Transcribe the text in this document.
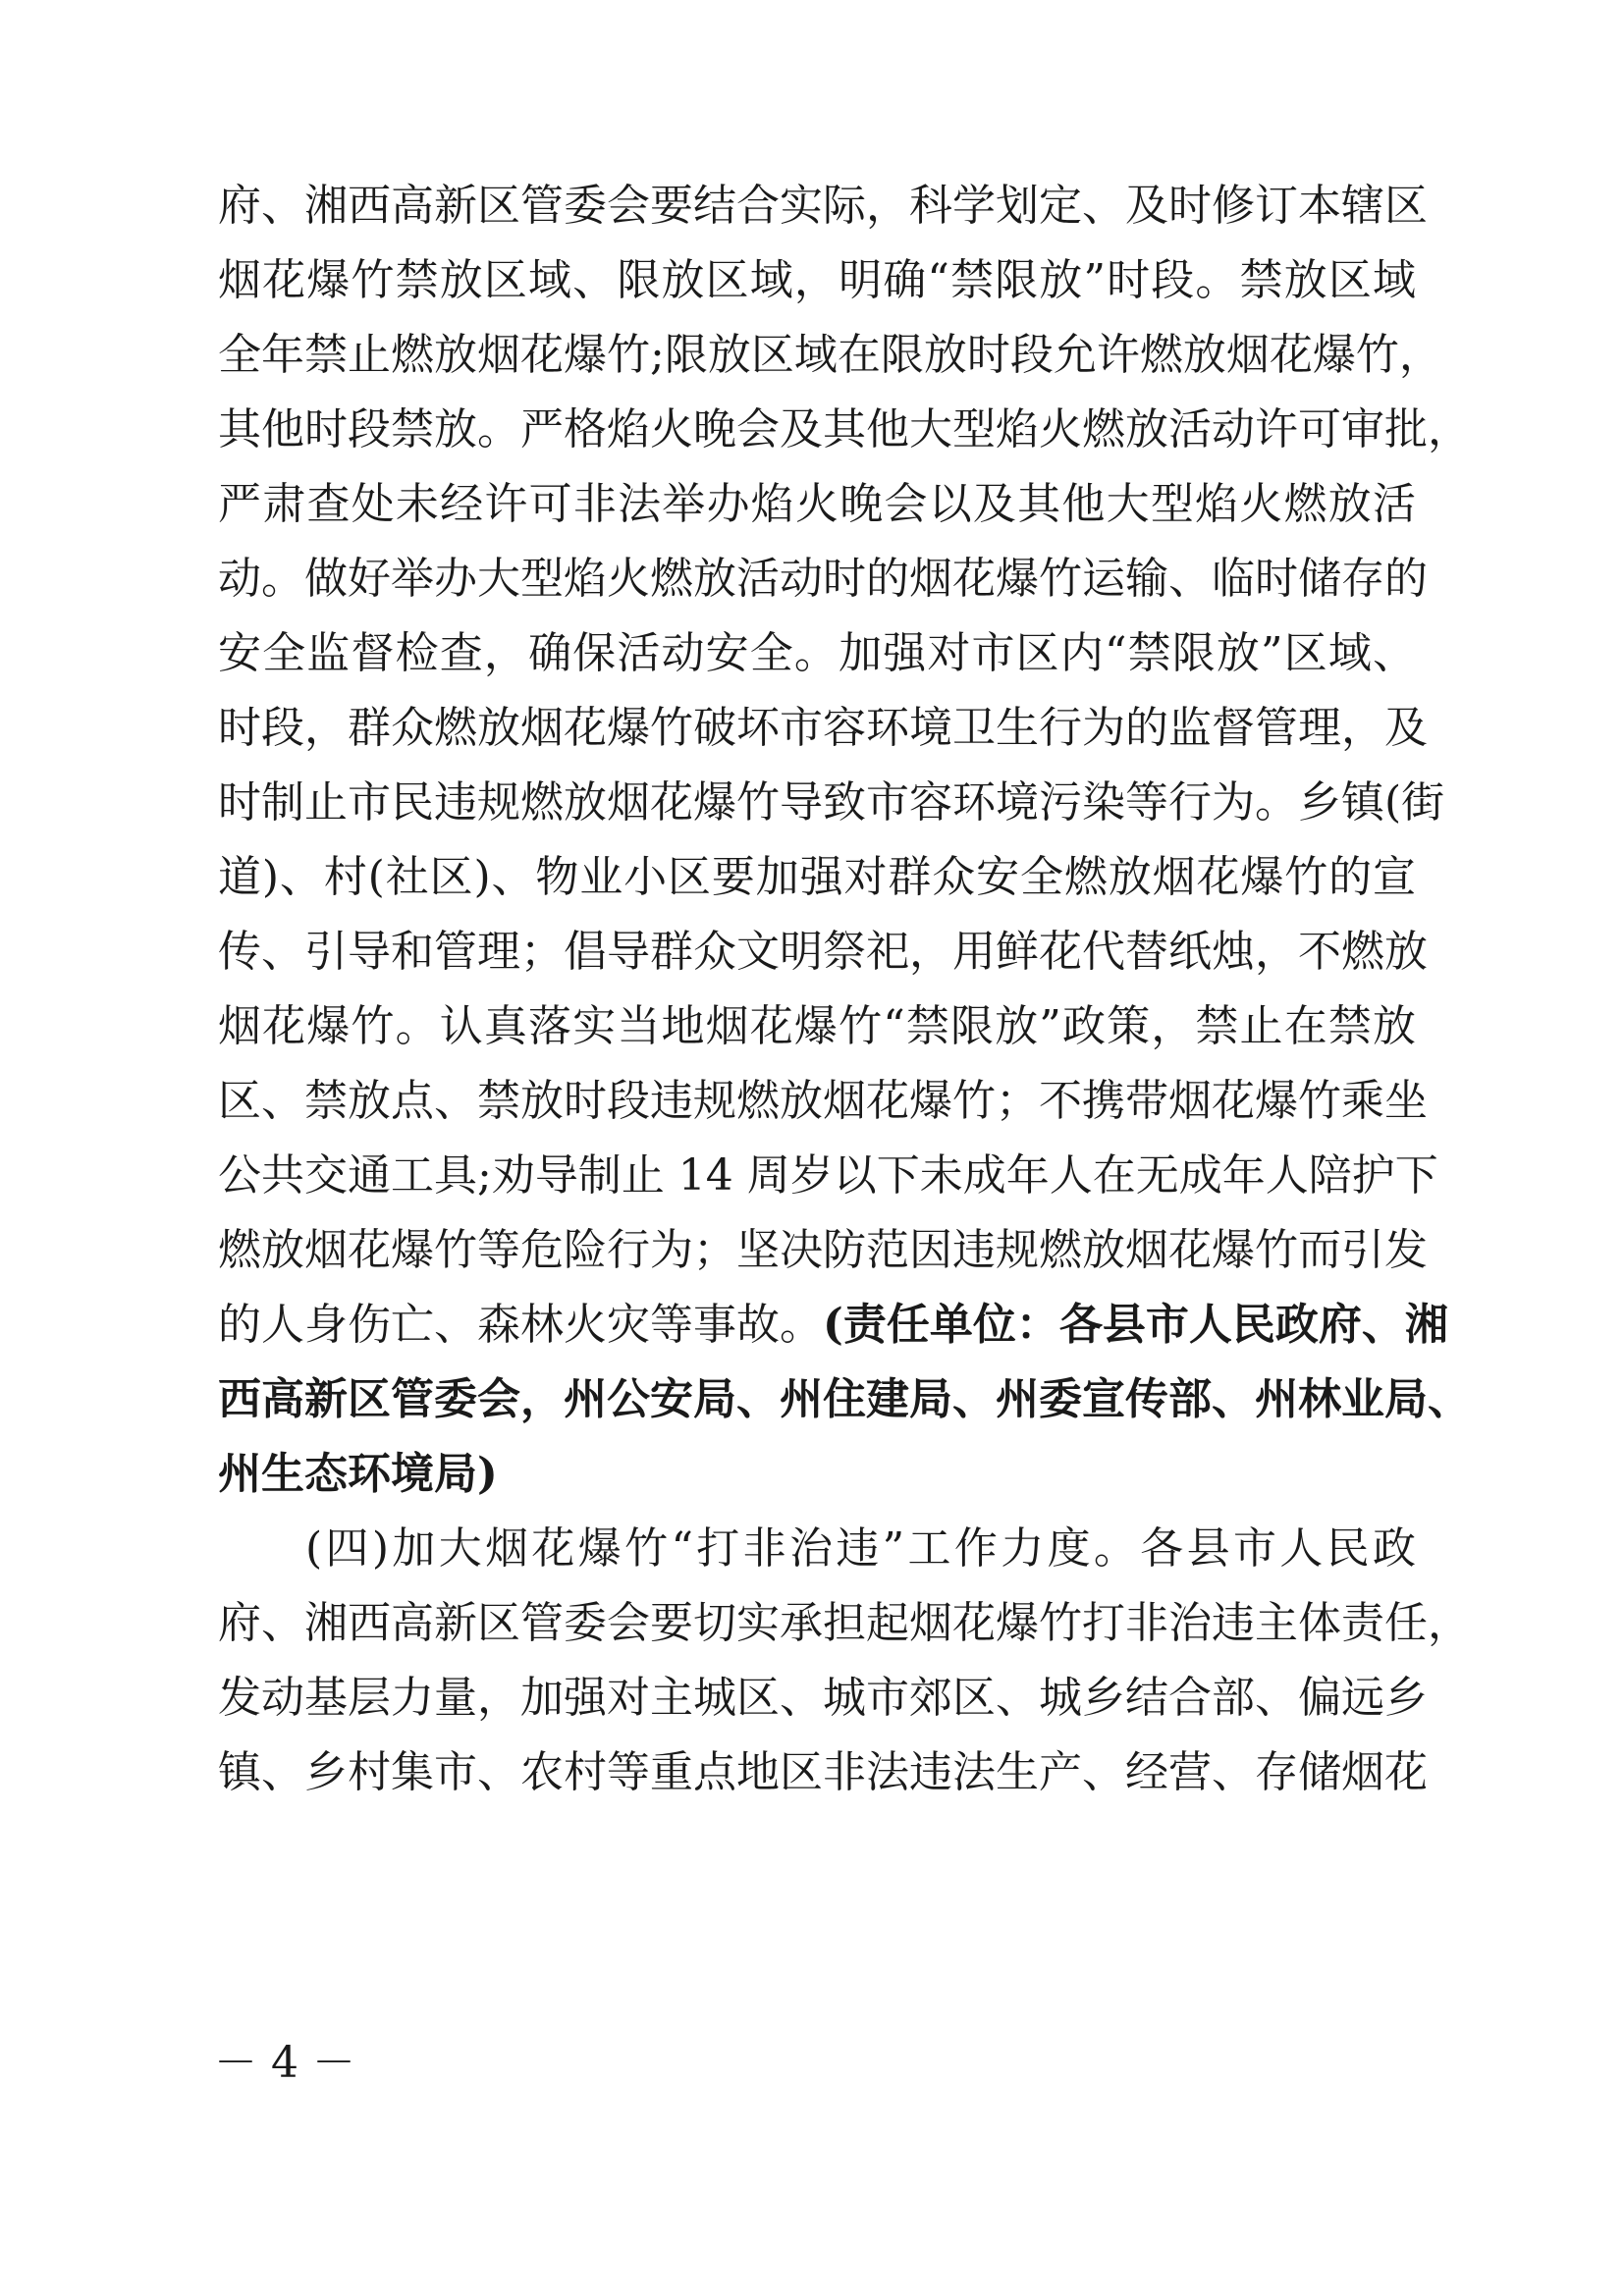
府、湘西高新区管委会要结合实际，科学划定、及时修订本辖区
烟花爆竹禁放区域、限放区域，明确“禁限放”时段。禁放区域
全年禁止燃放烟花爆竹;限放区域在限放时段允许燃放烟花爆竹，
其他时段禁放。严格焰火晚会及其他大型焰火燃放活动许可审批，
严肃查处未经许可非法举办焰火晚会以及其他大型焰火燃放活
动。做好举办大型焰火燃放活动时的烟花爆竹运输、临时储存的
安全监督检查，确保活动安全。加强对市区内“禁限放”区域、
时段，群众燃放烟花爆竹破坏市容环境卫生行为的监督管理，及
时制止市民违规燃放烟花爆竹导致市容环境污染等行为。乡镇(街
道)、村(社区)、物业小区要加强对群众安全燃放烟花爆竹的宣
传、引导和管理；倡导群众文明祭祀，用鲜花代替纸烛，不燃放
烟花爆竹。认真落实当地烟花爆竹“禁限放”政策，禁止在禁放
区、禁放点、禁放时段违规燃放烟花爆竹；不携带烟花爆竹乘坐
公共交通工具;劝导制止 14 周岁以下未成年人在无成年人陪护下
燃放烟花爆竹等危险行为；坚决防范因违规燃放烟花爆竹而引发
的人身伤亡、森林火灾等事故。(责任单位：各县市人民政府、湘
西高新区管委会，州公安局、州住建局、州委宣传部、州林业局、
州生态环境局)
(四)加大烟花爆竹“打非治违”工作力度。各县市人民政
府、湘西高新区管委会要切实承担起烟花爆竹打非治违主体责任，
发动基层力量，加强对主城区、城市郊区、城乡结合部、偏远乡
镇、乡村集市、农村等重点地区非法违法生产、经营、存储烟花
－ 4 －
